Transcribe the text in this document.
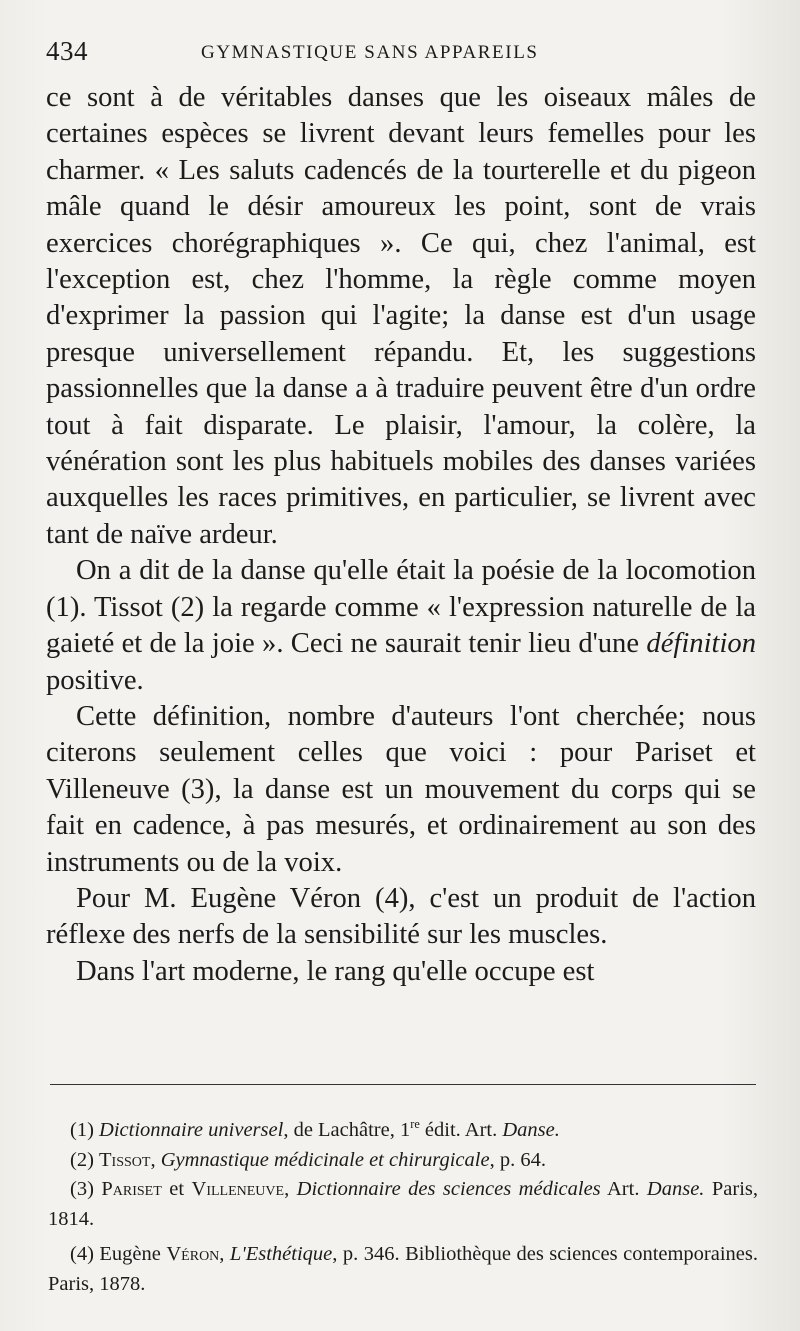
434	GYMNASTIQUE SANS APPAREILS

ce sont à de véritables danses que les oiseaux mâles de certaines espèces se livrent devant leurs femelles pour les charmer. « Les saluts cadencés de la tourterelle et du pigeon mâle quand le désir amoureux les point, sont de vrais exercices chorégraphiques ». Ce qui, chez l'animal, est l'exception est, chez l'homme, la règle comme moyen d'exprimer la passion qui l'agite; la danse est d'un usage presque universellement répandu. Et, les suggestions passionnelles que la danse a à traduire peuvent être d'un ordre tout à fait disparate. Le plaisir, l'amour, la colère, la vénération sont les plus habituels mobiles des danses variées auxquelles les races primitives, en particulier, se livrent avec tant de naïve ardeur.

On a dit de la danse qu'elle était la poésie de la locomotion (1). Tissot (2) la regarde comme « l'expression naturelle de la gaieté et de la joie ». Ceci ne saurait tenir lieu d'une définition positive.

Cette définition, nombre d'auteurs l'ont cherchée; nous citerons seulement celles que voici : pour Pariset et Villeneuve (3), la danse est un mouvement du corps qui se fait en cadence, à pas mesurés, et ordinairement au son des instruments ou de la voix.

Pour M. Eugène Véron (4), c'est un produit de l'action réflexe des nerfs de la sensibilité sur les muscles.

Dans l'art moderne, le rang qu'elle occupe est

(1) Dictionnaire universel, de Lachâtre, 1re édit. Art. Danse.

(2) Tissot, Gymnastique médicinale et chirurgicale, p. 64.

(3) Pariset et Villeneuve, Dictionnaire des sciences médicales Art. Danse. Paris, 1814.

(4) Eugène Véron, L'Esthétique, p. 346. Bibliothèque des sciences contemporaines. Paris, 1878.
